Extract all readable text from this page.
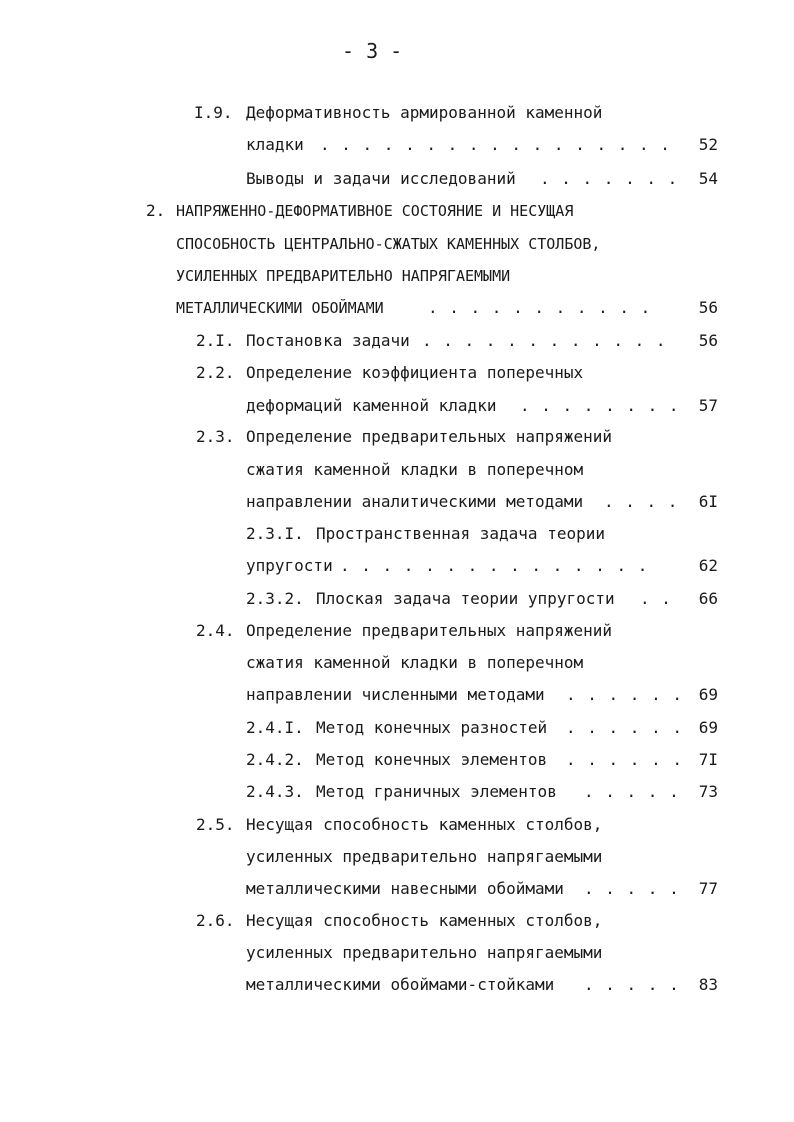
- 3 -
I.9. Деформативность армированной каменной
кладки . . . . . . . . . . . . . . . . .	52
Выводы и задачи исследований . . . . . . .	54
2. НАПРЯЖЕННО-ДЕФОРМАТИВНОЕ СОСТОЯНИЕ И НЕСУЩАЯ
СПОСОБНОСТЬ ЦЕНТРАЛЬНО-СЖАТЫХ КАМЕННЫХ СТОЛБОВ,
УСИЛЕННЫХ ПРЕДВАРИТЕЛЬНО НАПРЯГАЕМЫМИ
МЕТАЛЛИЧЕСКИМИ ОБОЙМАМИ	. . . . . . . . . . .	56
2.I. Постановка задачи . . . . . . . . . . . .	56
2.2. Определение коэффициента поперечных
деформаций каменной кладки . . . . . . . .	57
2.3. Определение предварительных напряжений
сжатия каменной кладки в поперечном
направлении аналитическими методами . . . .	6I
2.3.I. Пространственная задача теории
упругости . . . . . . . . . . . . . . .	62
2.3.2. Плоская задача теории упругости . .	66
2.4. Определение предварительных напряжений
сжатия каменной кладки в поперечном
направлении численными методами . . . . . . 69
2.4.I. Метод конечных разностей . . . . . . 69
2.4.2. Метод конечных элементов . . . . . . 7I
2.4.3. Метод граничных элементов . . . . .	73
2.5. Несущая способность каменных столбов,
усиленных предварительно напрягаемыми
металлическими навесными обоймами . . . . .	77
2.6. Несущая способность каменных столбов,
усиленных предварительно напрягаемыми
металлическими обоймами-стойками . . . . .	83
